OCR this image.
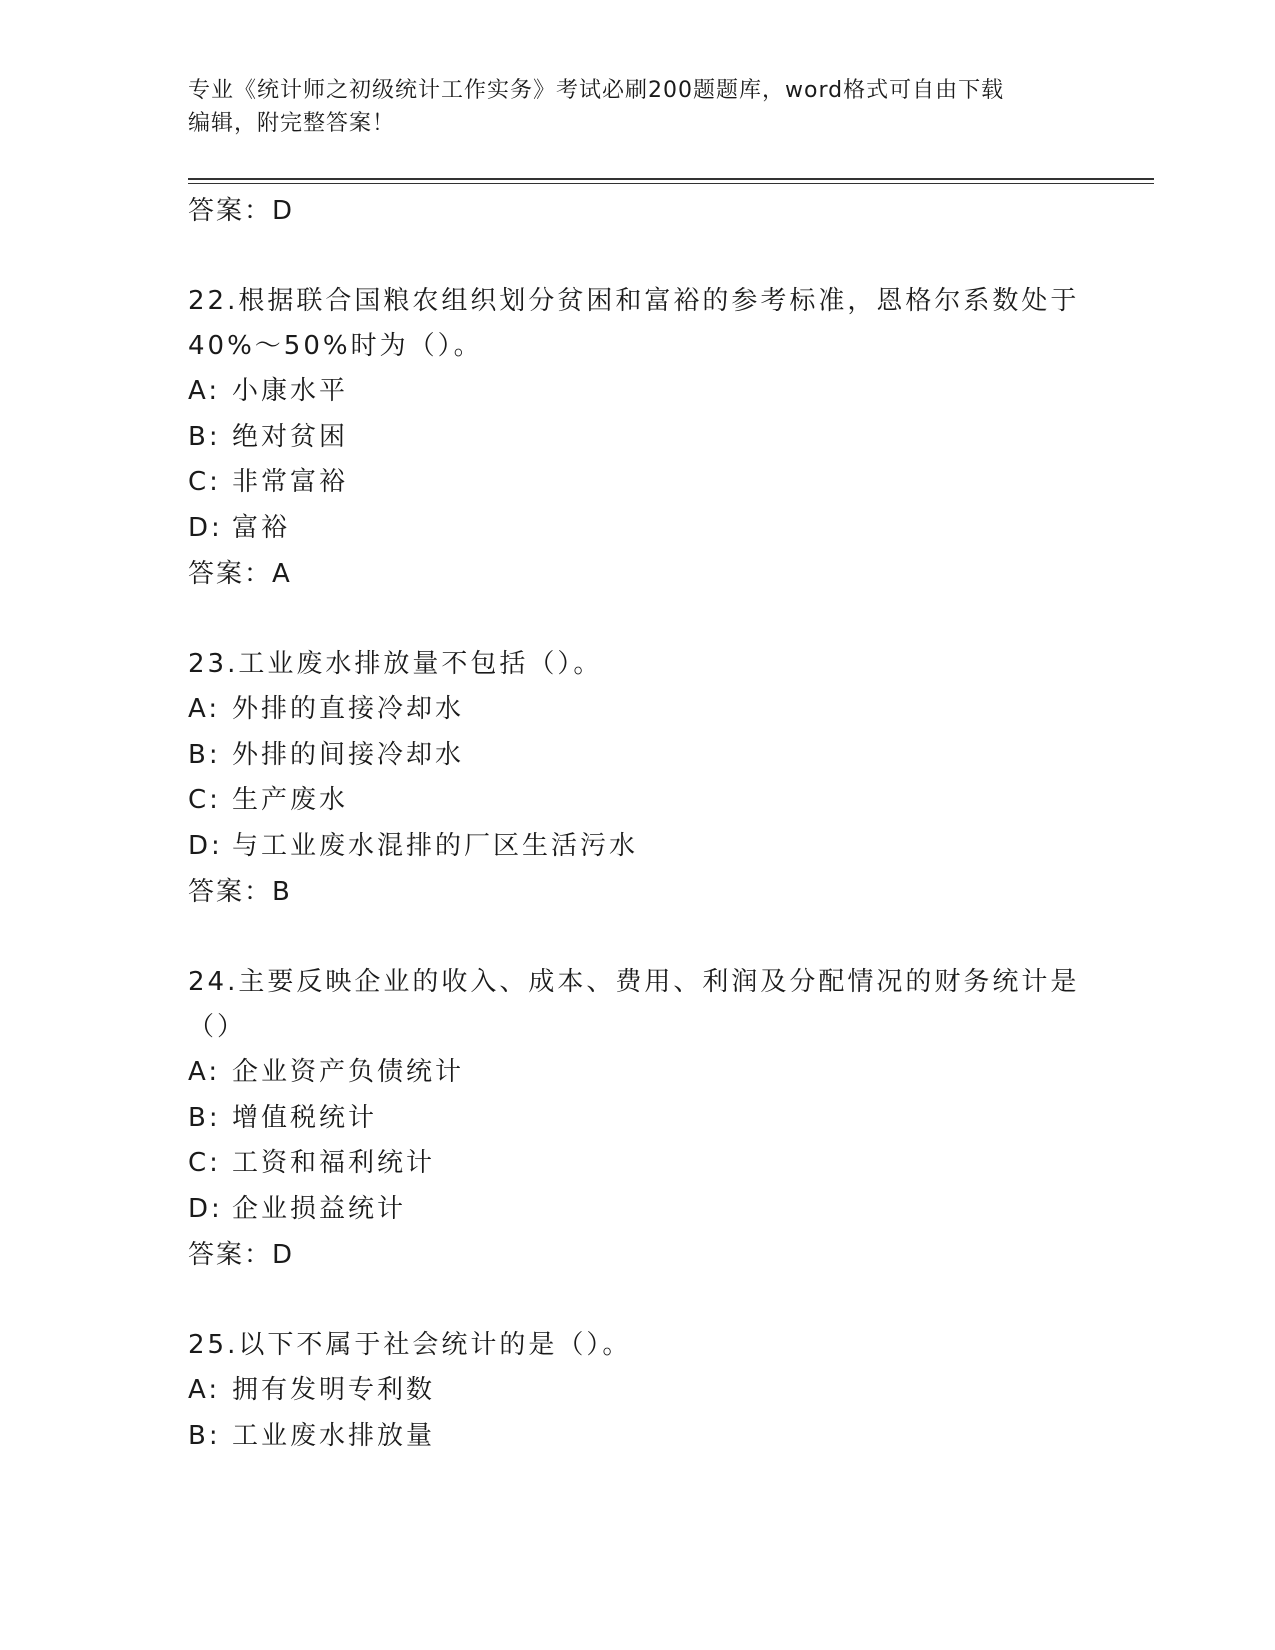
专业《统计师之初级统计工作实务》考试必刷200题题库，word格式可自由下载
编辑，附完整答案！

答案：D

22.根据联合国粮农组织划分贫困和富裕的参考标准，恩格尔系数处于40%～50%时为（）。

A: 小康水平

B: 绝对贫困

C: 非常富裕

D: 富裕

答案：A

23.工业废水排放量不包括（）。

A: 外排的直接冷却水

B: 外排的间接冷却水

C: 生产废水

D: 与工业废水混排的厂区生活污水

答案：B

24.主要反映企业的收入、成本、费用、利润及分配情况的财务统计是（）

A: 企业资产负债统计

B: 增值税统计

C: 工资和福利统计

D: 企业损益统计

答案：D

25.以下不属于社会统计的是（）。

A: 拥有发明专利数

B: 工业废水排放量
